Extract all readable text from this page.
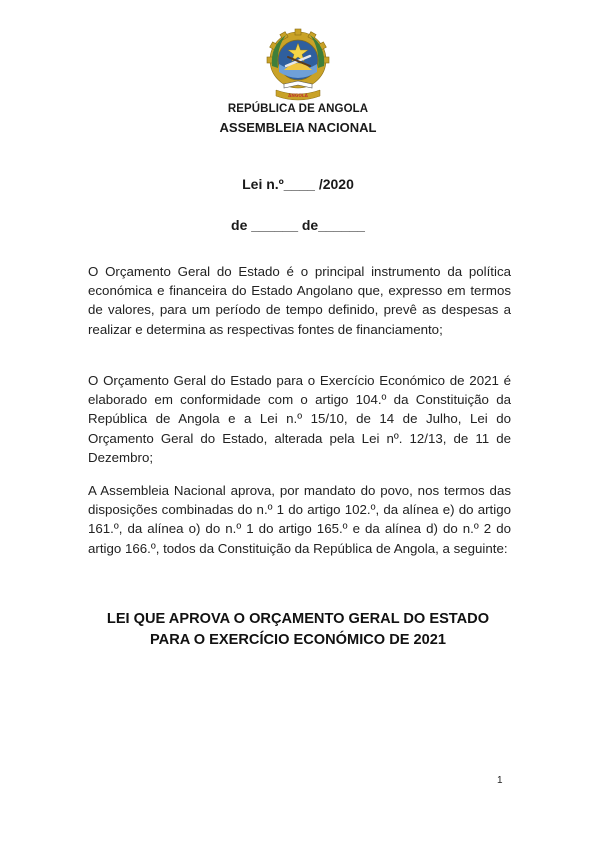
ANGOLA
REPÚBLICA DE ANGOLA
ASSEMBLEIA NACIONAL
Lei n.º____ /2020
de ______ de______
O Orçamento Geral do Estado é o principal instrumento da política económica e financeira do Estado Angolano que, expresso em termos de valores, para um período de tempo definido, prevê as despesas a realizar e determina as respectivas fontes de financiamento;
O Orçamento Geral do Estado para o Exercício Económico de 2021 é elaborado em conformidade com o artigo 104.º da Constituição da República de Angola e a Lei n.º 15/10, de 14 de Julho, Lei do Orçamento Geral do Estado, alterada pela Lei nº. 12/13, de 11 de Dezembro;
A Assembleia Nacional aprova, por mandato do povo, nos termos das disposições combinadas do n.º 1 do artigo 102.º, da alínea e) do artigo 161.º, da alínea o) do n.º 1 do artigo 165.º e da alínea d) do n.º 2 do artigo 166.º, todos da Constituição da República de Angola, a seguinte:
LEI QUE APROVA O ORÇAMENTO GERAL DO ESTADO
PARA O EXERCÍCIO ECONÓMICO DE 2021
1
